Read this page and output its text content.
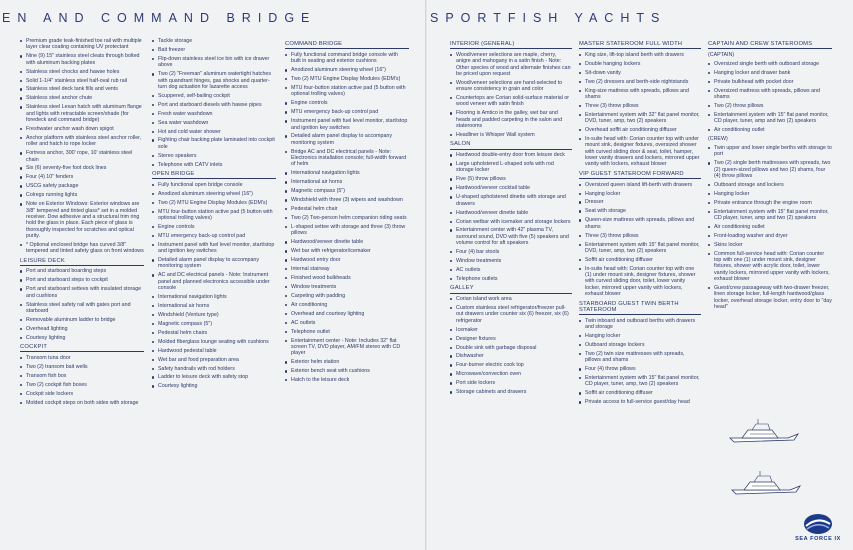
EN AND COMMAND BRIDGE	SPORTFISH YACHTS
Premium grade teak-finished toe rail with multiple layer clear coating containing UV protectant
Nine (9) 15" stainless steel cleats through bolted with aluminum backing plates
Stainless steel chocks and hawse holes
Solid 1-1/4" stainless steel half-oval rub rail
Stainless steel deck tank fills and vents
Stainless steel anchor chute
Stainless steel Lexan hatch with aluminum flange and lights with retractable screen/shade (for foredeck and command bridge)
Freshwater anchor wash down spigot
Anchor platform with stainless steel anchor roller, roller and hatch to rope locker
Fortress anchor, 300' rope, 10' stainless steel chain
Six (6) seventy-five foot dock lines
Four (4) 10" fenders
USCG safety package
Colregs running lights
Note on Exterior Windows: Exterior windows are 3/8" tempered and tinted glass* set in a molded receiver. Dow adhesive and a structural trim ring hold the glass in place. Each piece of glass is thoroughly inspected for scratches and optical purity.
* Optional enclosed bridge has curved 3/8" tempered and tinted safety glass on front windows
LEISURE DECK
Port and starboard boarding steps
Port and starboard steps to cockpit
Port and starboard settees with insulated storage and cushions
Stainless steel safety rail with gates port and starboard
Removable aluminum ladder to bridge
Overhead lighting
Courtesy lighting
COCKPIT
Transom tuna door
Two (2) transom bait wells
Transom fish box
Two (2) cockpit fish boxes
Cockpit side lockers
Molded cockpit steps on both sides with storage
Tackle storage
Bait freezer
Flip-down stainless steel ice bin with ice drawer above
Two (2) "Freeman" aluminum watertight hatches with quandrant hinges, gas shocks and quarter-turn dog actuation for lazarette access
Scuppered, self-bailing cockpit
Port and starboard diesels with hawse pipes
Fresh water washdown
Sea water washdown
Hot and cold water shower
Fighting chair backing plate laminated into cockpit sole
Stereo speakers
Telephone with CATV inlets
OPEN BRIDGE
Fully functional open bridge console
Anodized aluminum steering wheel (16")
Two (2) MTU Engine Display Modules (EDM's)
MTU four-button station active pad (5 button with optional trolling valves)
Engine controls
MTU emergency back-up control pad
Instrument panel with fuel level monitor, start/stop and ignition key switches
Detailed alarm panel display to accompany monitoring system
AC and DC electrical panels - Note: Instrument panel and planned electronics accessible under console
International navigation lights
International air horns
Windshield (Venture type)
Magnetic compass (5")
Pedestal helm chairs
Molded fiberglass lounge seating with cushions
Hardwood pedestal table
Wet bar and food preparation area
Safety handrails with rod holders
Ladder to leisure deck with safety stop
Courtesy lighting
COMMAND BRIDGE
Fully functional command bridge console with built in seating and exterior cushions
Anodized aluminum steering wheel (16")
Two (2) MTU Engine Display Modules (EDM's)
MTU four-button station active pad (5 button with optional trolling valves)
Engine controls
MTU emergency back-up control pad
Instrument panel with fuel level monitor, start/stop and ignition key switches
Detailed alarm panel display to accompany monitoring system
Bridge AC and DC electrical panels - Note: Electronics installation console; full-width forward of helm
International navigation lights
International air horns
Magnetic compass (5")
Windshield with three (3) wipers and washdown
Pedestal helm chair
Two (2) Two-person helm companion riding seats
L-shaped settee with storage and three (3) throw pillows
Hardwood/veneer dinette table
Wet bar with refrigerator/icemaker
Hardwood entry door
Internal stairway
Finished wood bulkheads
Window treatments
Carpeting with padding
Air conditioning
Overhead and courtesy lighting
AC outlets
Telephone outlet
Entertainment center - Note: Includes 32" flat screen TV, DVD player, AM/FM stereo with CD player
Exterior helm station
Exterior bench seat with cushions
Hatch to the leisure deck
INTERIOR (GENERAL)
Wood/veneer selections are maple, cherry, anigre and mahogany in a satin finish - Note: Other species of wood and alternate finishes can be priced upon request
Wood/veneer selections are hand-selected to ensure consistency in grain and color
Countertops are Corian solid-surface material or wood veneer with satin finish
Flooring is Amtico in the galley, wet bar and heads and padded carpeting in the salon and staterooms
Headliner is Whisper Wall system
SALON
Hardwood double-entry door from leisure deck
Large upholstered L-shaped sofa with rod storage locker
Five (5) throw pillows
Hardwood/veneer cocktail table
U-shaped upholstered dinette with storage and drawers
Hardwood/veneer dinette table
Corian wetbar with icemaker and storage lockers
Entertainment center with 42" plasma TV, surround sound, DVD with five (5) speakers and volume control for aft speakers
Four (4) bar stools
Window treatments
AC outlets
Telephone outlets
GALLEY
Corian island work area
Custom stainless steel refrigerator/freezer pull-out drawers under counter six (6) freezer, six (6) refrigerator
Icemaker
Designer fixtures
Double sink with garbage disposal
Dishwasher
Four-burner electric cook top
Microwave/convection oven
Port side lockers
Storage cabinets and drawers
MASTER STATEROOM FULL WIDTH
King size, lift-top island berth with drawers
Double hanging lockers
Sit-down vanity
Two (2) dressers and berth-side nightstands
King-size mattress with spreads, pillows and shams
Three (3) throw pillows
Entertainment system with 32" flat panel monitor, DVD, tuner, amp, two (2) speakers
Overhead soffit air conditioning diffuser
In-suite head with: Corian counter top with under mount sink, designer fixtures, oversized shower with curved sliding door & seat, toilet, hamper, lower vanity drawers and lockers, mirrored upper vanity with lockers, exhaust blower
VIP GUEST STATEROOM FORWARD
Oversized queen island lift-berth with drawers
Hanging locker
Dresser
Seat with storage
Queen-size mattress with spreads, pillows and shams
Three (3) throw pillows
Entertainment system with 15" flat panel monitor, DVD, tuner, amp, two (2) speakers
Soffit air conditioning diffuser
In-suite head with: Corian counter top with one (1) under mount sink, designer fixtures, shower with curved sliding door, toilet, lower vanity locker, mirrored upper vanity with lockers, exhaust blower
STARBOARD GUEST TWIN BERTH STATEROOM
Twin inboard and outboard berths with drawers and storage
Hanging locker
Outboard storage lockers
Two (2) twin size mattresses with spreads, pillows and shams
Four (4) throw pillows
Entertainment system with 15" flat panel monitor, CD player, tuner, amp, two (2) speakers
Soffit air conditioning diffuser
Private access to full-service guest/day head
CAPTAIN AND CREW STATEROOMS
(CAPTAIN)
Oversized single berth with outboard storage
Hanging locker and drawer bank
Private bulkhead with pocket door
Oversized mattress with spreads, pillows and shams
Two (2) throw pillows
Entertainment system with 15" flat panel monitor, CD player, tuner, amp and two (2) speakers
Air conditioning outlet
(CREW)
Twin upper and lower single berths with storage to port
Two (2) single berth mattresses with spreads, two (2) queen-sized pillows and two (2) shams, four (4) throw pillows
Outboard storage and lockers
Hanging locker
Private entrance through the engine room
Entertainment system with 15" flat panel monitor, CD player, tuner, amp and two (2) speakers
Air conditioning outlet
Front-loading washer and dryer
Skins locker
Common full-service head with: Corian counter top with one (1) under mount sink, designer fixtures, shower with acrylic door, toilet, lower vanity lockers, mirrored upper vanity with lockers, exhaust blower
Guest/crew passageway with two-drawer freezer, linen storage locker, full-length hardwood/glass locker, overhead storage locker, entry door to "day head"
SEA FORCE IX
